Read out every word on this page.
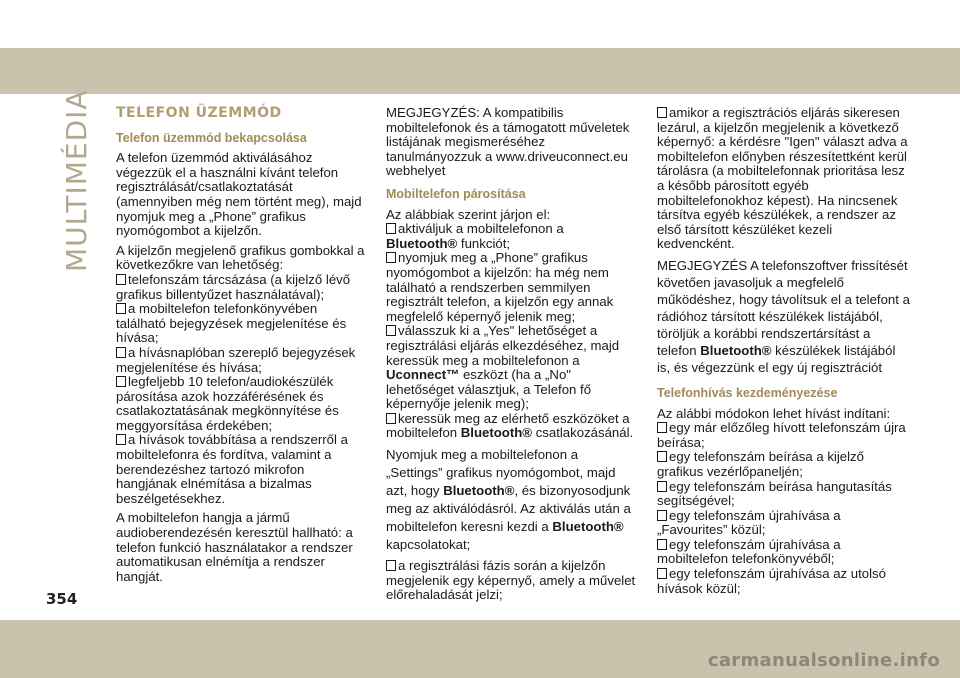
MULTIMÉDIA TELEFON ÜZEMMÓD
Telefon üzemmód bekapcsolása

A telefon üzemmód aktiválásához végezzük el a használni kívánt telefon regisztrálását/csatlakoztatását (amennyiben még nem történt meg), majd nyomjuk meg a „Phone” grafikus nyomógombot a kijelzőn.

A kijelzőn megjelenő grafikus gombokkal a következőkre van lehetőség:
telefonszám tárcsázása (a kijelző lévő grafikus billentyűzet használatával);
a mobiltelefon telefonkönyvében található bejegyzések megjelenítése és hívása;
a hívásnaplóban szereplő bejegyzések megjelenítése és hívása;
legfeljebb 10 telefon/audiokészülék párosítása azok hozzáférésének és csatlakoztatásának megkönnyítése és meggyorsítása érdekében;
a hívások továbbítása a rendszerről a mobiltelefonra és fordítva, valamint a berendezéshez tartozó mikrofon hangjának elnémítása a bizalmas beszélgetésekhez.

A mobiltelefon hangja a jármű audioberendezésén keresztül hallható: a telefon funkció használatakor a rendszer automatikusan elnémítja a rendszer hangját.

MEGJEGYZÉS: A kompatibilis mobiltelefonok és a támogatott műveletek listájának megismeréséhez tanulmányozzuk a www.driveuconnect.eu webhelyet

Mobiltelefon párosítása

Az alábbiak szerint járjon el:
aktiváljuk a mobiltelefonon a Bluetooth® funkciót;
nyomjuk meg a „Phone” grafikus nyomógombot a kijelzőn: ha még nem található a rendszerben semmilyen regisztrált telefon, a kijelzőn egy annak megfelelő képernyő jelenik meg;
válasszuk ki a „Yes" lehetőséget a regisztrálási eljárás elkezdéséhez, majd keressük meg a mobiltelefonon a Uconnect™ eszközt (ha a „No" lehetőséget választjuk, a Telefon fő képernyője jelenik meg);
keressük meg az elérhető eszközöket a mobiltelefon Bluetooth® csatlakozásánál.

Nyomjuk meg a mobiltelefonon a „Settings” grafikus nyomógombot, majd azt, hogy Bluetooth®, és bizonyosodjunk meg az aktiválódásról. Az aktiválás után a mobiltelefon keresni kezdi a Bluetooth® kapcsolatokat;

a regisztrálási fázis során a kijelzőn megjelenik egy képernyő, amely a művelet előrehaladását jelzi;

amikor a regisztrációs eljárás sikeresen lezárul, a kijelzőn megjelenik a következő képernyő: a kérdésre "Igen" választ adva a mobiltelefon előnyben részesítettként kerül tárolásra (a mobiltelefonnak prioritása lesz a később párosított egyéb mobiltelefonokhoz képest). Ha nincsenek társítva egyéb készülékek, a rendszer az első társított készüléket kezeli kedvencként.

MEGJEGYZÉS A telefonszoftver frissítését követően javasoljuk a megfelelő működéshez, hogy távolítsuk el a telefont a rádióhoz társított készülékek listájából, töröljük a korábbi rendszertársítást a telefon Bluetooth® készülékek listájából is, és végezzünk el egy új regisztrációt

Telefonhívás kezdeményezése

Az alábbi módokon lehet hívást indítani:
egy már előzőleg hívott telefonszám újra beírása;
egy telefonszám beírása a kijelző grafikus vezérlőpaneljén;
egy telefonszám beírása hangutasítás segítségével;
egy telefonszám újrahívása a „Favourites” közül;
egy telefonszám újrahívása a mobiltelefon telefonkönyvéből;
egy telefonszám újrahívása az utolsó hívások közül;

354
carmanualsonline.info
